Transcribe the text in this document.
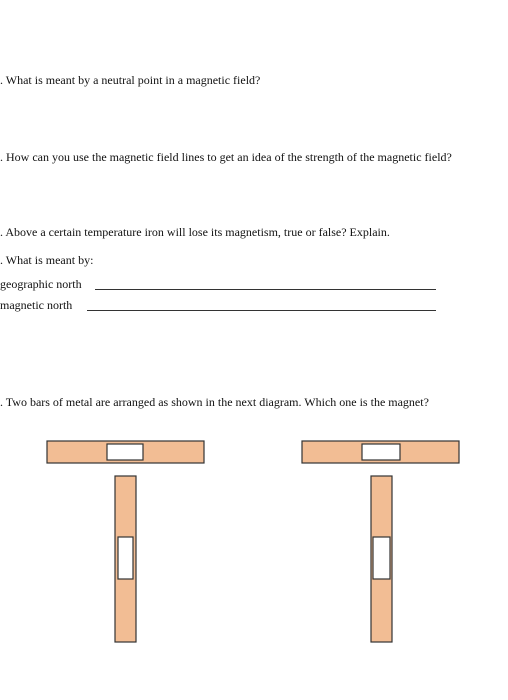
. What is meant by a neutral point in a magnetic field?
. How can you use the magnetic field lines to get an idea of the strength of the magnetic field?
. Above a certain temperature iron will lose its magnetism, true or false? Explain.
. What is meant by:
geographic north
magnetic north
. Two bars of metal are arranged as shown in the next diagram. Which one is the magnet?
